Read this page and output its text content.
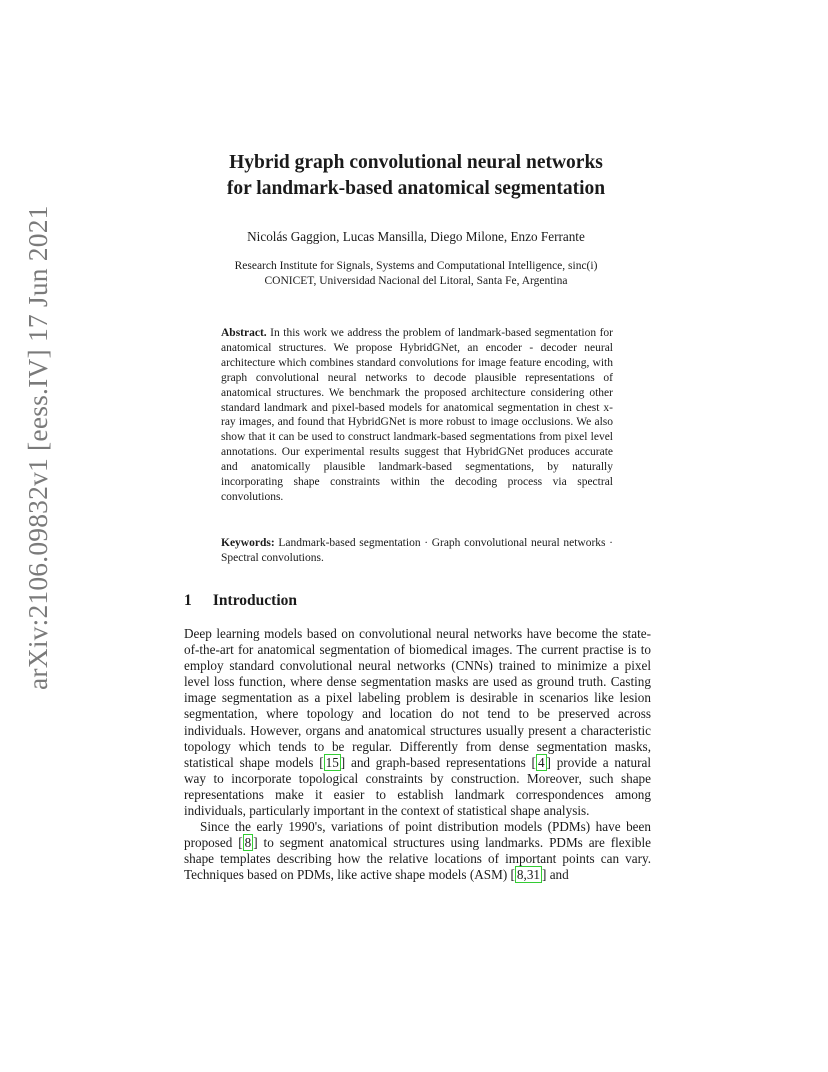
arXiv:2106.09832v1 [eess.IV] 17 Jun 2021
Hybrid graph convolutional neural networks
for landmark-based anatomical segmentation
Nicolás Gaggion, Lucas Mansilla, Diego Milone, Enzo Ferrante
Research Institute for Signals, Systems and Computational Intelligence, sinc(i)
CONICET, Universidad Nacional del Litoral, Santa Fe, Argentina
Abstract. In this work we address the problem of landmark-based segmentation for anatomical structures. We propose HybridGNet, an encoder - decoder neural architecture which combines standard convolutions for image feature encoding, with graph convolutional neural networks to decode plausible representations of anatomical structures. We benchmark the proposed architecture considering other standard landmark and pixel-based models for anatomical segmentation in chest x-ray images, and found that HybridGNet is more robust to image occlusions. We also show that it can be used to construct landmark-based segmentations from pixel level annotations. Our experimental results suggest that HybridGNet produces accurate and anatomically plausible landmark-based segmentations, by naturally incorporating shape constraints within the decoding process via spectral convolutions.
Keywords: Landmark-based segmentation · Graph convolutional neural networks · Spectral convolutions.
1 Introduction

Deep learning models based on convolutional neural networks have become the state-of-the-art for anatomical segmentation of biomedical images. The current practise is to employ standard convolutional neural networks (CNNs) trained to minimize a pixel level loss function, where dense segmentation masks are used as ground truth. Casting image segmentation as a pixel labeling problem is desirable in scenarios like lesion segmentation, where topology and location do not tend to be preserved across individuals. However, organs and anatomical structures usually present a characteristic topology which tends to be regular. Differently from dense segmentation masks, statistical shape models [ 15 ] and graph-based representations [ 4 ] provide a natural way to incorporate topological constraints by construction. Moreover, such shape representations make it easier to establish landmark correspondences among individuals, particularly important in the context of statistical shape analysis.

Since the early 1990's, variations of point distribution models (PDMs) have been proposed [ 8 ] to segment anatomical structures using landmarks. PDMs are flexible shape templates describing how the relative locations of important points can vary. Techniques based on PDMs, like active shape models (ASM) [ 8,31 ] and
